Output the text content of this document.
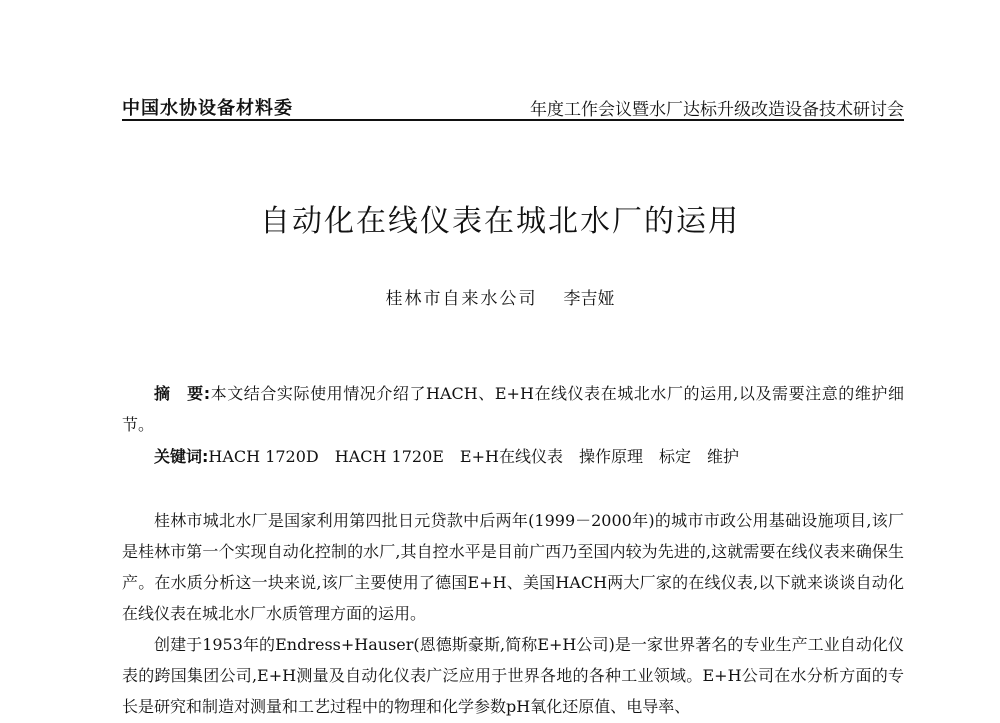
中国水协设备材料委	年度工作会议暨水厂达标升级改造设备技术研讨会
自动化在线仪表在城北水厂的运用
桂林市自来水公司 李吉娅
摘　要:本文结合实际使用情况介绍了HACH、E+H在线仪表在城北水厂的运用,以及需要注意的维护细节。
关键词:HACH 1720D　HACH 1720E　E+H在线仪表　操作原理　标定　维护
桂林市城北水厂是国家利用第四批日元贷款中后两年(1999－2000年)的城市市政公用基础设施项目,该厂是桂林市第一个实现自动化控制的水厂,其自控水平是目前广西乃至国内较为先进的,这就需要在线仪表来确保生产。在水质分析这一块来说,该厂主要使用了德国E+H、美国HACH两大厂家的在线仪表,以下就来谈谈自动化在线仪表在城北水厂水质管理方面的运用。
创建于1953年的Endress+Hauser(恩德斯豪斯,简称E+H公司)是一家世界著名的专业生产工业自动化仪表的跨国集团公司,E+H测量及自动化仪表广泛应用于世界各地的各种工业领域。E+H公司在水分析方面的专长是研究和制造对测量和工艺过程中的物理和化学参数pH氧化还原值、电导率、
